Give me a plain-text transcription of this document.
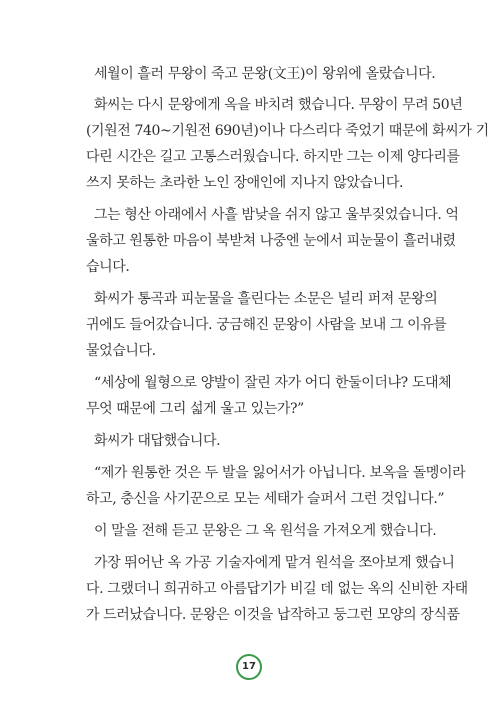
세월이 흘러 무왕이 죽고 문왕(文王)이 왕위에 올랐습니다.
화씨는 다시 문왕에게 옥을 바치려 했습니다. 무왕이 무려 50년
(기원전 740~기원전 690년)이나 다스리다 죽었기 때문에 화씨가 기
다린 시간은 길고 고통스러웠습니다. 하지만 그는 이제 양다리를
쓰지 못하는 초라한 노인 장애인에 지나지 않았습니다.
그는 형산 아래에서 사흘 밤낮을 쉬지 않고 울부짖었습니다. 억
울하고 원통한 마음이 북받쳐 나중엔 눈에서 피눈물이 흘러내렸
습니다.
화씨가 통곡과 피눈물을 흘린다는 소문은 널리 퍼져 문왕의
귀에도 들어갔습니다. 궁금해진 문왕이 사람을 보내 그 이유를
물었습니다.
“세상에 월형으로 양발이 잘린 자가 어디 한둘이더냐? 도대체
무엇 때문에 그리 섧게 울고 있는가?”
화씨가 대답했습니다.
“제가 원통한 것은 두 발을 잃어서가 아닙니다. 보옥을 돌멩이라
하고, 충신을 사기꾼으로 모는 세태가 슬퍼서 그런 것입니다.”
이 말을 전해 듣고 문왕은 그 옥 원석을 가져오게 했습니다.
가장 뛰어난 옥 가공 기술자에게 맡겨 원석을 쪼아보게 했습니
다. 그랬더니 희귀하고 아름답기가 비길 데 없는 옥의 신비한 자태
가 드러났습니다. 문왕은 이것을 납작하고 둥그런 모양의 장식품
17
